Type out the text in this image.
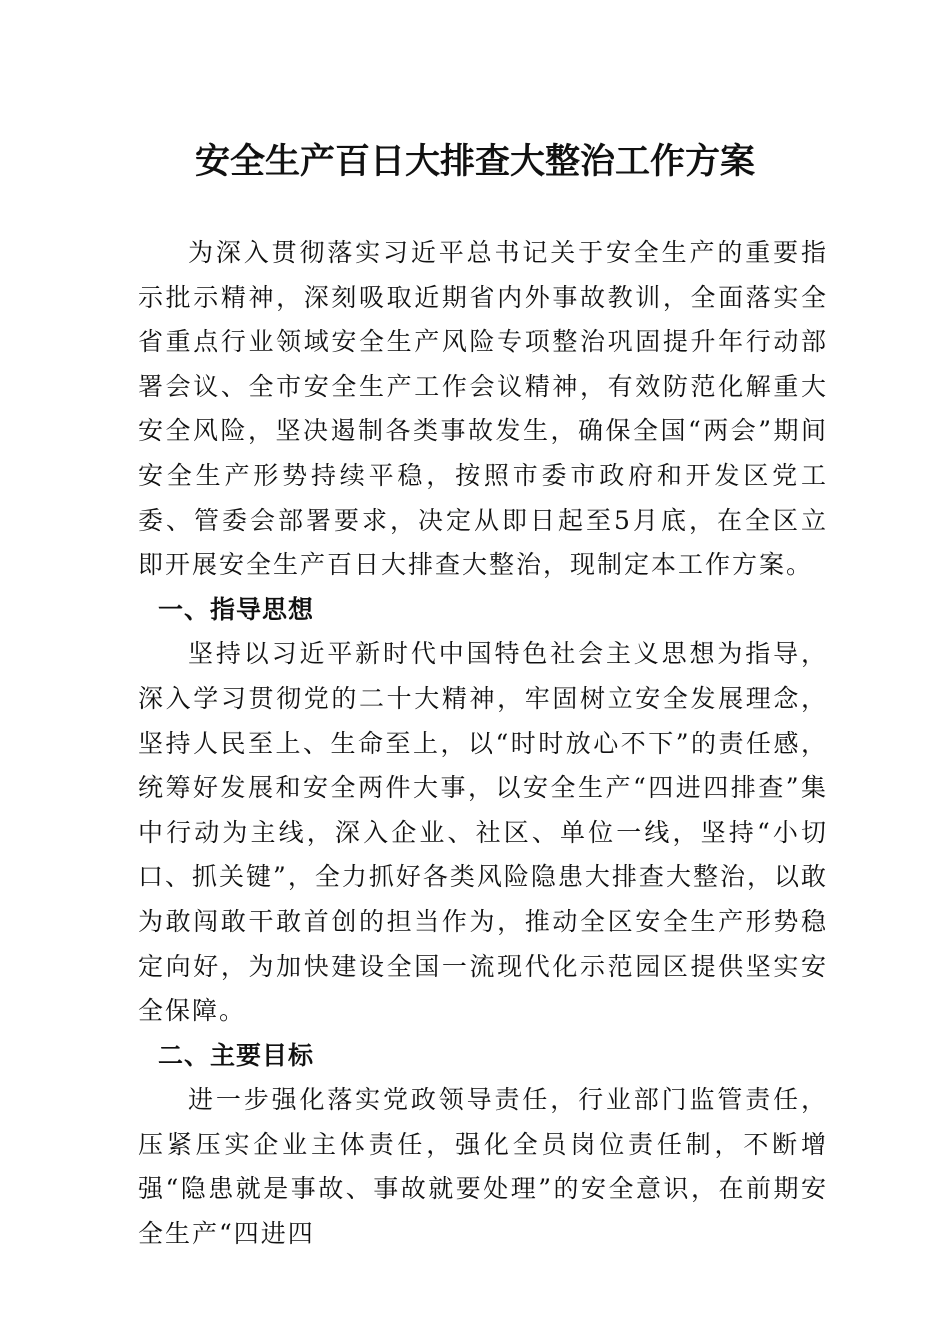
安全生产百日大排查大整治工作方案

为深入贯彻落实习近平总书记关于安全生产的重要指示批示精神，深刻吸取近期省内外事故教训，全面落实全省重点行业领域安全生产风险专项整治巩固提升年行动部署会议、全市安全生产工作会议精神，有效防范化解重大安全风险，坚决遏制各类事故发生，确保全国“两会”期间安全生产形势持续平稳，按照市委市政府和开发区党工委、管委会部署要求，决定从即日起至5月底，在全区立即开展安全生产百日大排查大整治，现制定本工作方案。

一、指导思想

坚持以习近平新时代中国特色社会主义思想为指导，深入学习贯彻党的二十大精神，牢固树立安全发展理念，坚持人民至上、生命至上，以“时时放心不下”的责任感，统筹好发展和安全两件大事，以安全生产“四进四排查”集中行动为主线，深入企业、社区、单位一线，坚持“小切口、抓关键”，全力抓好各类风险隐患大排查大整治，以敢为敢闯敢干敢首创的担当作为，推动全区安全生产形势稳定向好，为加快建设全国一流现代化示范园区提供坚实安全保障。

二、主要目标

进一步强化落实党政领导责任，行业部门监管责任，压紧压实企业主体责任，强化全员岗位责任制，不断增强“隐患就是事故、事故就要处理”的安全意识，在前期安全生产“四进四
